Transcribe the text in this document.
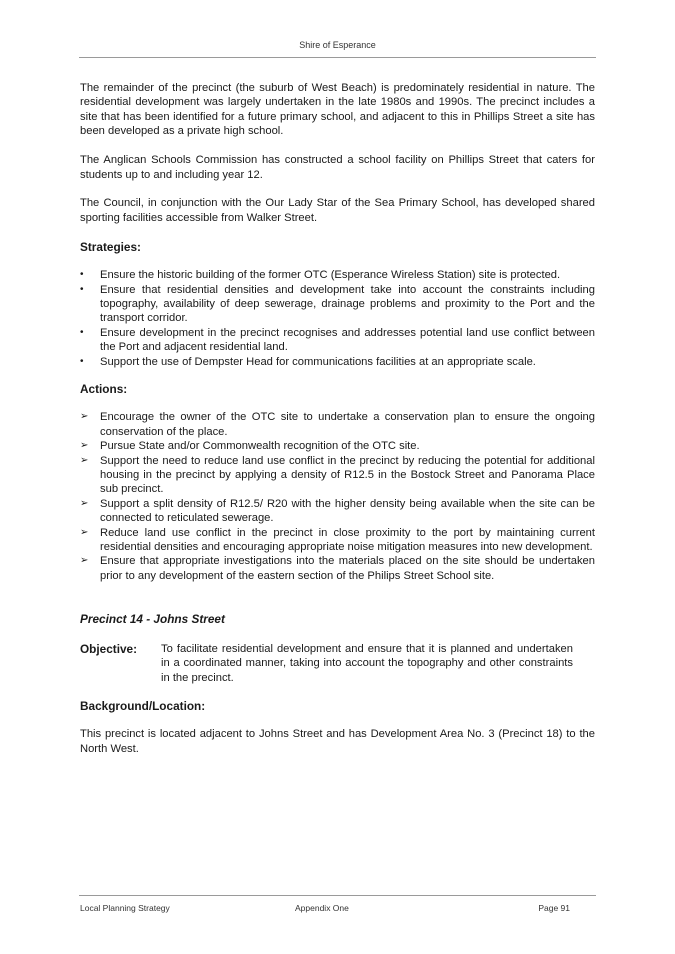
Shire of Esperance

The remainder of the precinct (the suburb of West Beach) is predominately residential in nature. The residential development was largely undertaken in the late 1980s and 1990s. The precinct includes a site that has been identified for a future primary school, and adjacent to this in Phillips Street a site has been developed as a private high school.

The Anglican Schools Commission has constructed a school facility on Phillips Street that caters for students up to and including year 12.

The Council, in conjunction with the Our Lady Star of the Sea Primary School, has developed shared sporting facilities accessible from Walker Street.

Strategies:
• Ensure the historic building of the former OTC (Esperance Wireless Station) site is protected.
• Ensure that residential densities and development take into account the constraints including topography, availability of deep sewerage, drainage problems and proximity to the Port and the transport corridor.
• Ensure development in the precinct recognises and addresses potential land use conflict between the Port and adjacent residential land.
• Support the use of Dempster Head for communications facilities at an appropriate scale.
Actions:
➢ Encourage the owner of the OTC site to undertake a conservation plan to ensure the ongoing conservation of the place.
➢ Pursue State and/or Commonwealth recognition of the OTC site.
➢ Support the need to reduce land use conflict in the precinct by reducing the potential for additional housing in the precinct by applying a density of R12.5 in the Bostock Street and Panorama Place sub precinct.
➢ Support a split density of R12.5/ R20 with the higher density being available when the site can be connected to reticulated sewerage.
➢ Reduce land use conflict in the precinct in close proximity to the port by maintaining current residential densities and encouraging appropriate noise mitigation measures into new development.
➢ Ensure that appropriate investigations into the materials placed on the site should be undertaken prior to any development of the eastern section of the Philips Street School site.

Precinct 14 - Johns Street

Objective:	To facilitate residential development and ensure that it is planned and undertaken in a coordinated manner, taking into account the topography and other constraints in the precinct.

Background/Location:

This precinct is located adjacent to Johns Street and has Development Area No. 3 (Precinct 18) to the North West.

Local Planning Strategy	Appendix One	Page 91
